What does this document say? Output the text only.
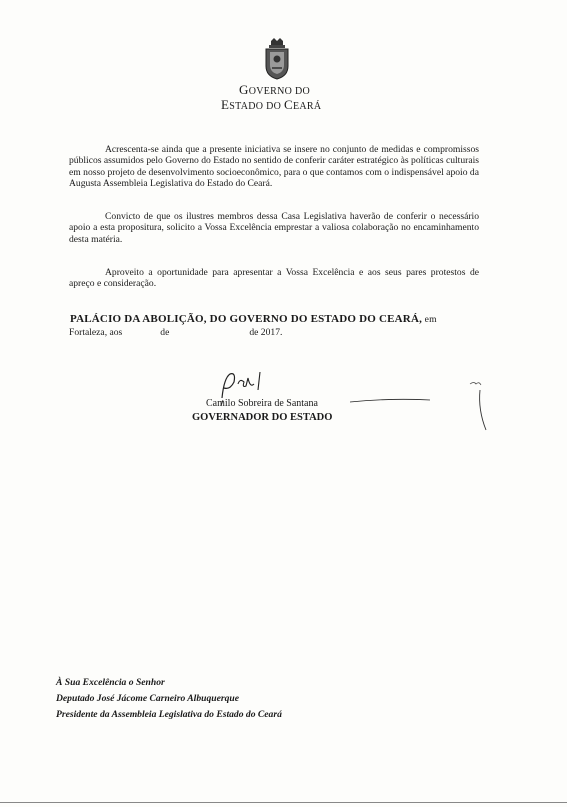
GOVERNO DO
ESTADO DO CEARÁ
Acrescenta-se ainda que a presente iniciativa se insere no conjunto de medidas e compromissos públicos assumidos pelo Governo do Estado no sentido de conferir caráter estratégico às políticas culturais em nosso projeto de desenvolvimento socioeconômico, para o que contamos com o indispensável apoio da Augusta Assembleia Legislativa do Estado do Ceará.
Convicto de que os ilustres membros dessa Casa Legislativa haverão de conferir o necessário apoio a esta propositura, solicito a Vossa Excelência emprestar a valiosa colaboração no encaminhamento desta matéria.
Aproveito a oportunidade para apresentar a Vossa Excelência e aos seus pares protestos de apreço e consideração.
PALÁCIO DA ABOLIÇÃO, DO GOVERNO DO ESTADO DO CEARÁ, em
Fortaleza, aos	de	de 2017.
Camilo Sobreira de Santana
GOVERNADOR DO ESTADO
À Sua Excelência o Senhor
Deputado José Jácome Carneiro Albuquerque
Presidente da Assembleia Legislativa do Estado do Ceará
